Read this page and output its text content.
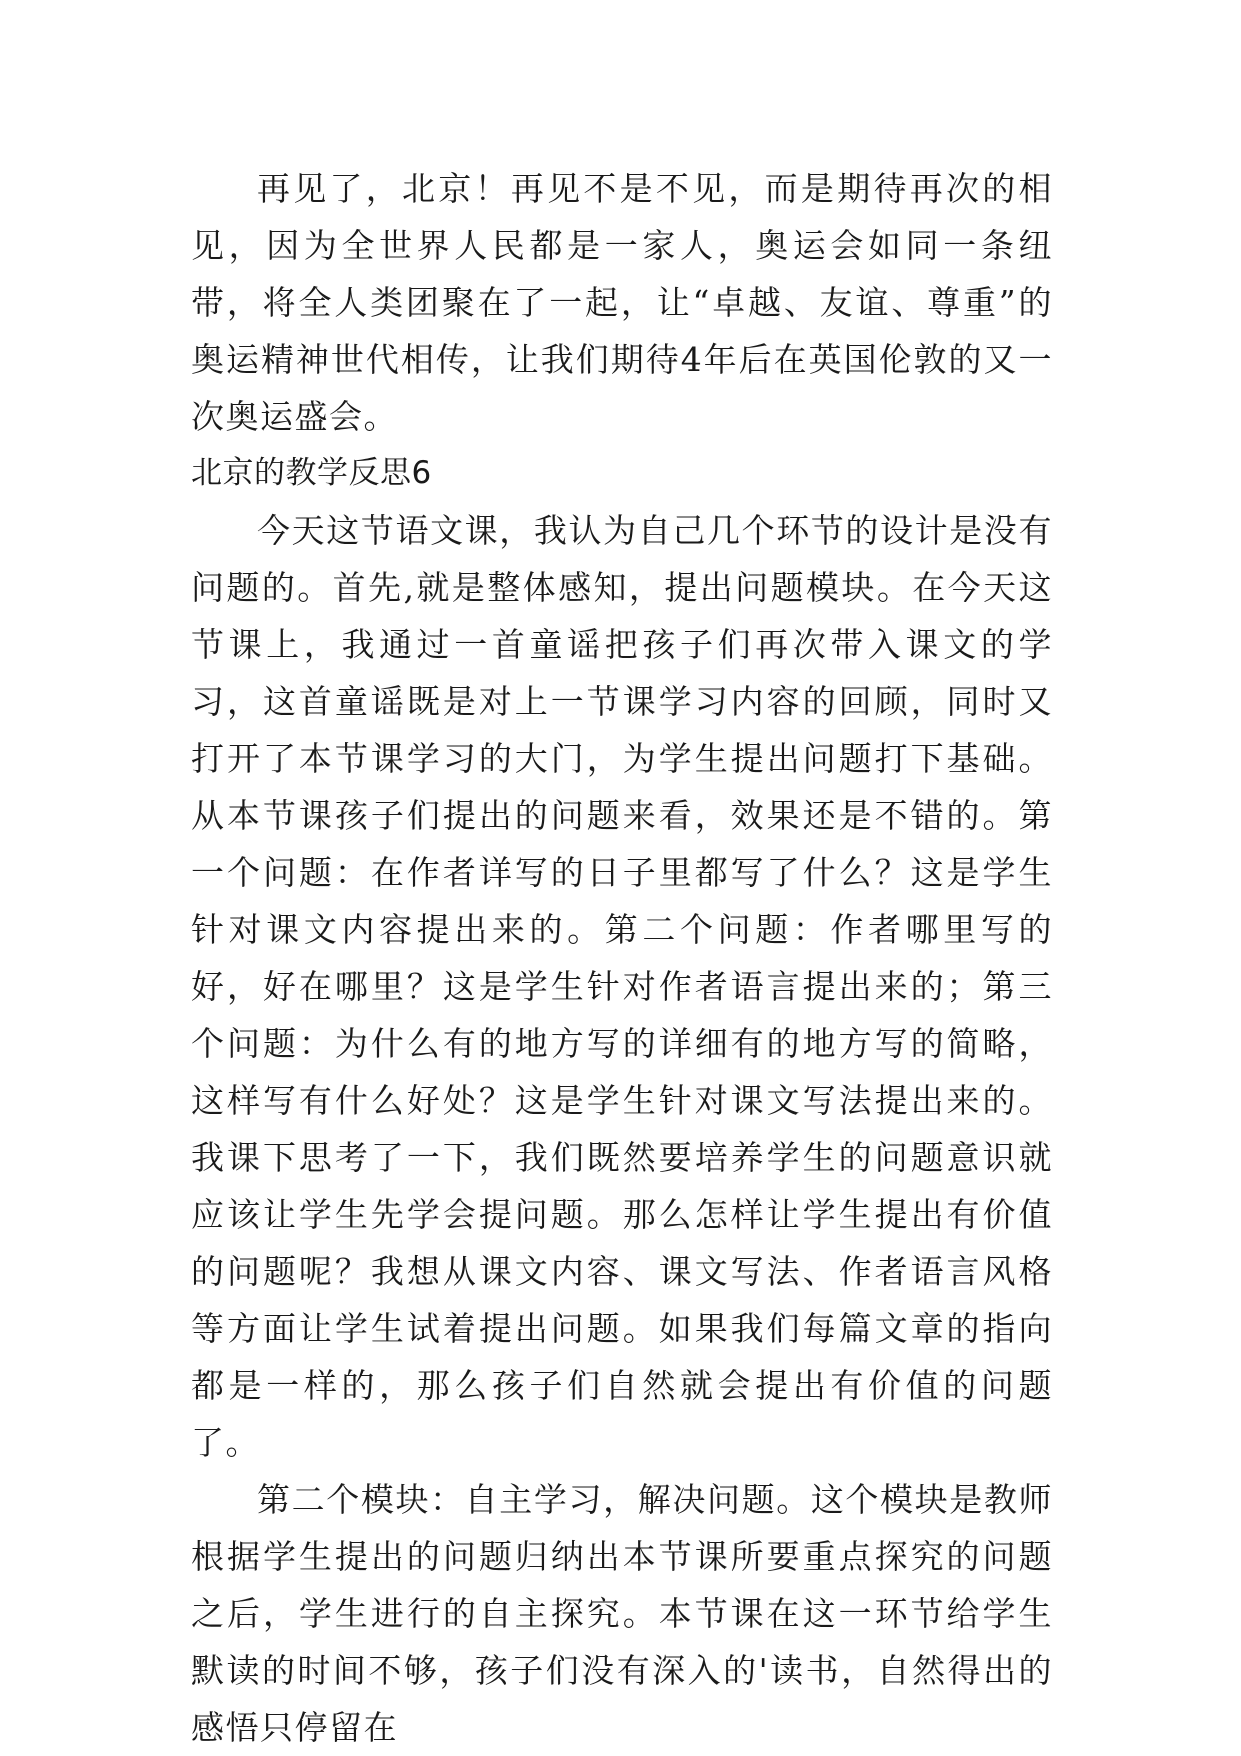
再见了，北京！再见不是不见，而是期待再次的相见，因为全世界人民都是一家人，奥运会如同一条纽带，将全人类团聚在了一起，让“卓越、友谊、尊重”的奥运精神世代相传，让我们期待4年后在英国伦敦的又一次奥运盛会。

北京的教学反思6

今天这节语文课，我认为自己几个环节的设计是没有问题的。首先,就是整体感知，提出问题模块。在今天这节课上，我通过一首童谣把孩子们再次带入课文的学习，这首童谣既是对上一节课学习内容的回顾，同时又打开了本节课学习的大门，为学生提出问题打下基础。从本节课孩子们提出的问题来看，效果还是不错的。第一个问题：在作者详写的日子里都写了什么？这是学生针对课文内容提出来的。第二个问题：作者哪里写的好，好在哪里？这是学生针对作者语言提出来的；第三个问题：为什么有的地方写的详细有的地方写的简略，这样写有什么好处？这是学生针对课文写法提出来的。我课下思考了一下，我们既然要培养学生的问题意识就应该让学生先学会提问题。那么怎样让学生提出有价值的问题呢？我想从课文内容、课文写法、作者语言风格等方面让学生试着提出问题。如果我们每篇文章的指向都是一样的，那么孩子们自然就会提出有价值的问题了。

第二个模块：自主学习，解决问题。这个模块是教师根据学生提出的问题归纳出本节课所要重点探究的问题之后，学生进行的自主探究。本节课在这一环节给学生默读的时间不够，孩子们没有深入的'读书，自然得出的感悟只停留在
